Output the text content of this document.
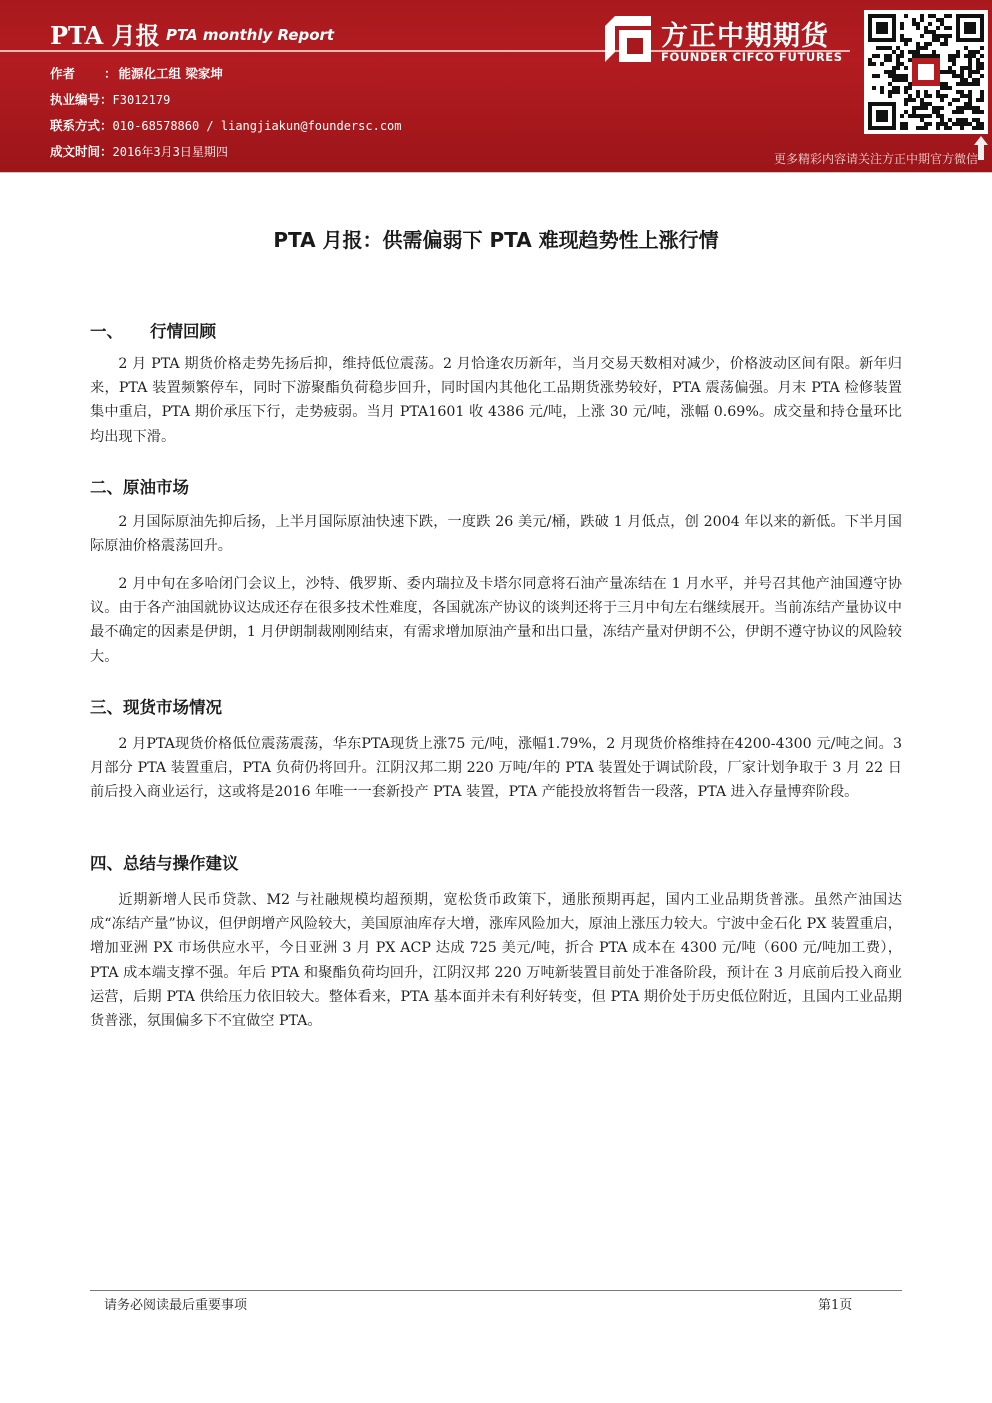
PTA 月报 PTA monthly Report
作者 ： 能源化工组 梁家坤
执业编号：F3012179
联系方式：010-68578860 / liangjiakun@foundersc.com
成文时间：2016年3月3日星期四
方正中期期货
FOUNDER CIFCO FUTURES
更多精彩内容请关注方正中期官方微信
PTA 月报：供需偏弱下 PTA 难现趋势性上涨行情
一、 行情回顾
2 月 PTA 期货价格走势先扬后抑，维持低位震荡。2 月恰逢农历新年，当月交易天数相对减少，价格波动区间有限。新年归来，PTA 装置频繁停车，同时下游聚酯负荷稳步回升，同时国内其他化工品期货涨势较好，PTA 震荡偏强。月末 PTA 检修装置集中重启，PTA 期价承压下行，走势疲弱。当月 PTA1601 收 4386 元/吨，上涨 30 元/吨，涨幅 0.69%。成交量和持仓量环比均出现下滑。
二、原油市场
2 月国际原油先抑后扬，上半月国际原油快速下跌，一度跌 26 美元/桶，跌破 1 月低点，创 2004 年以来的新低。下半月国际原油价格震荡回升。
2 月中旬在多哈闭门会议上，沙特、俄罗斯、委内瑞拉及卡塔尔同意将石油产量冻结在 1 月水平，并号召其他产油国遵守协议。由于各产油国就协议达成还存在很多技术性难度，各国就冻产协议的谈判还将于三月中旬左右继续展开。当前冻结产量协议中最不确定的因素是伊朗，1 月伊朗制裁刚刚结束，有需求增加原油产量和出口量，冻结产量对伊朗不公，伊朗不遵守协议的风险较大。
三、现货市场情况
2 月PTA现货价格低位震荡震荡，华东PTA现货上涨75 元/吨，涨幅1.79%，2 月现货价格维持在4200-4300 元/吨之间。3 月部分 PTA 装置重启，PTA 负荷仍将回升。江阴汉邦二期 220 万吨/年的 PTA 装置处于调试阶段，厂家计划争取于 3 月 22 日前后投入商业运行，这或将是2016 年唯一一套新投产 PTA 装置，PTA 产能投放将暂告一段落，PTA 进入存量博弈阶段。
四、总结与操作建议
近期新增人民币贷款、M2 与社融规模均超预期，宽松货币政策下，通胀预期再起，国内工业品期货普涨。虽然产油国达成“冻结产量”协议，但伊朗增产风险较大，美国原油库存大增，涨库风险加大，原油上涨压力较大。宁波中金石化 PX 装置重启，增加亚洲 PX 市场供应水平，今日亚洲 3 月 PX ACP 达成 725 美元/吨，折合 PTA 成本在 4300 元/吨（600 元/吨加工费），PTA 成本端支撑不强。年后 PTA 和聚酯负荷均回升，江阴汉邦 220 万吨新装置目前处于准备阶段，预计在 3 月底前后投入商业运营，后期 PTA 供给压力依旧较大。整体看来，PTA 基本面并未有利好转变，但 PTA 期价处于历史低位附近，且国内工业品期货普涨，氛围偏多下不宜做空 PTA。
请务必阅读最后重要事项	第1页
